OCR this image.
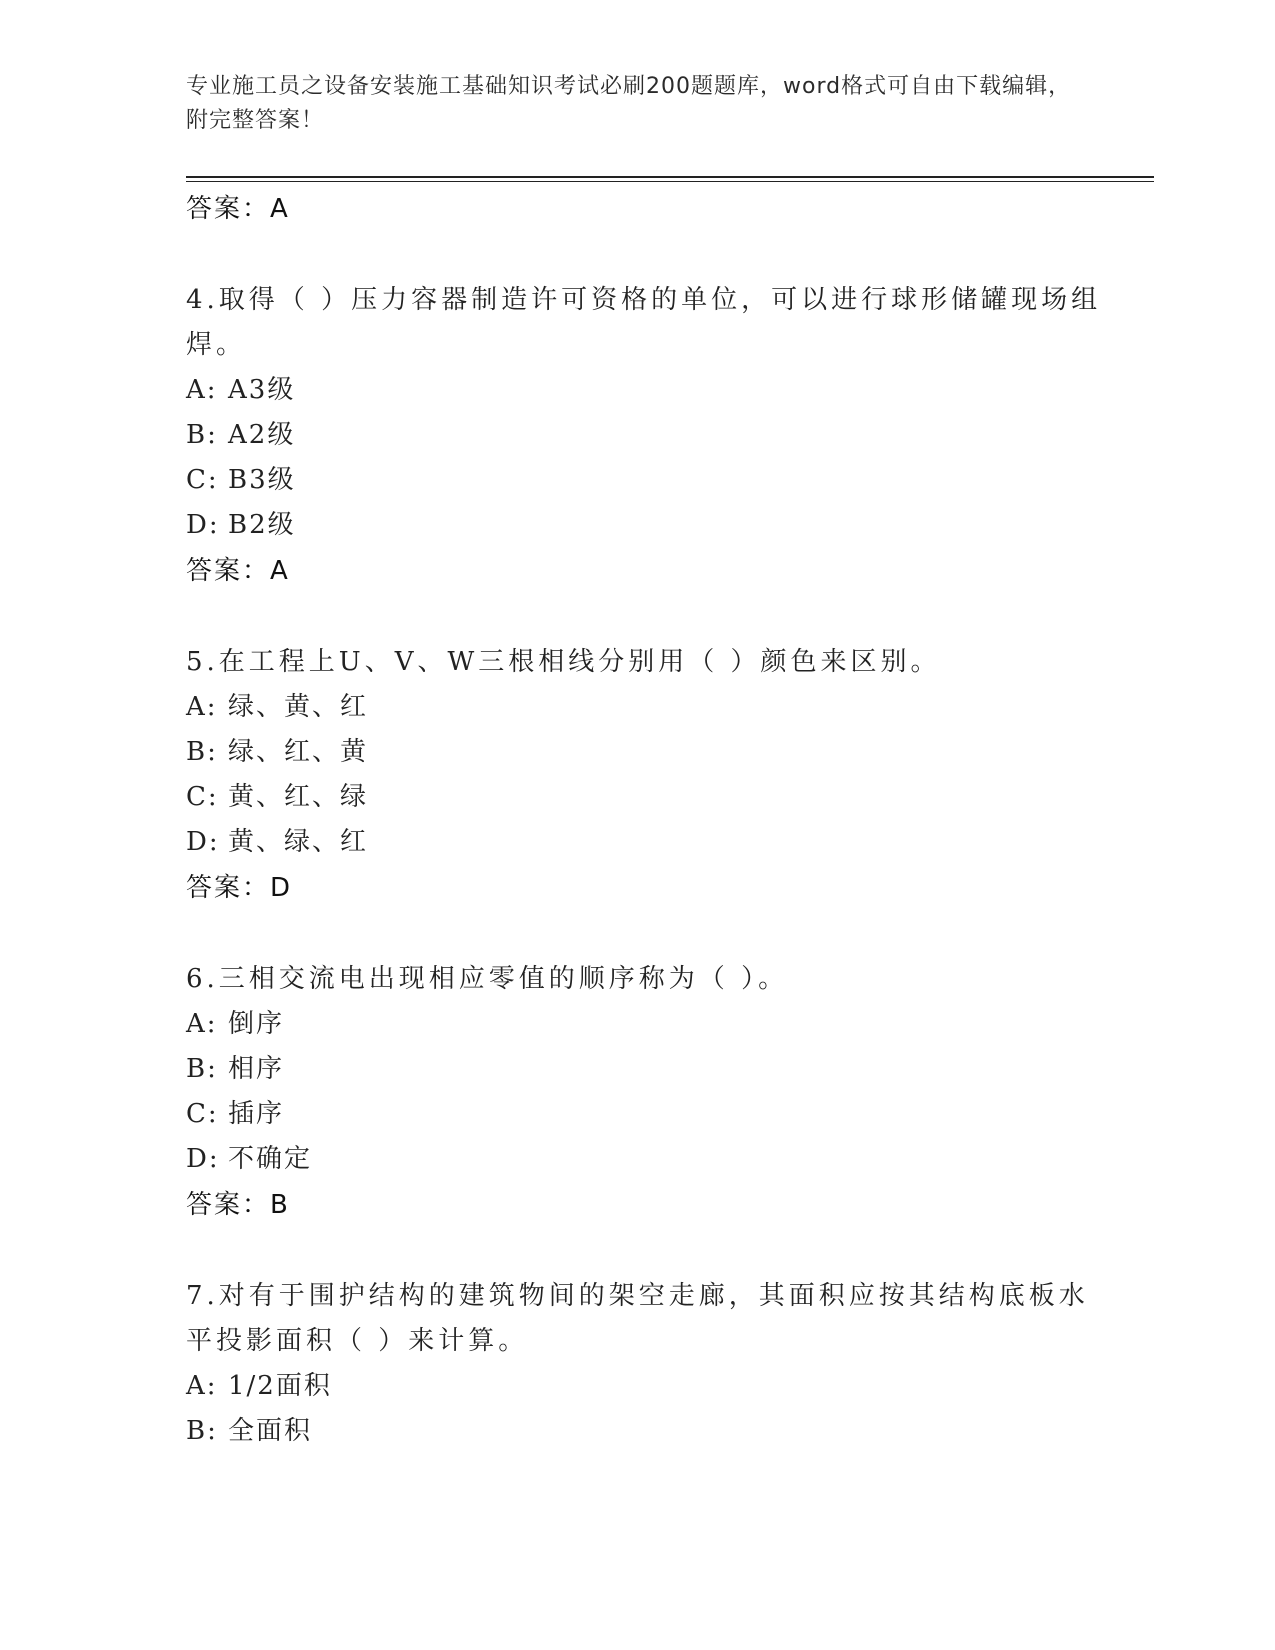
专业施工员之设备安装施工基础知识考试必刷200题题库，word格式可自由下载编辑，附完整答案！
答案：A
4.取得（ ）压力容器制造许可资格的单位，可以进行球形储罐现场组焊。
A: A3级
B: A2级
C: B3级
D: B2级
答案：A
5.在工程上U、V、W三根相线分别用（ ）颜色来区别。
A: 绿、黄、红
B: 绿、红、黄
C: 黄、红、绿
D: 黄、绿、红
答案：D
6.三相交流电出现相应零值的顺序称为（ ）。
A: 倒序
B: 相序
C: 插序
D: 不确定
答案：B
7.对有于围护结构的建筑物间的架空走廊，其面积应按其结构底板水平投影面积（ ）来计算。
A: 1/2面积
B: 全面积
